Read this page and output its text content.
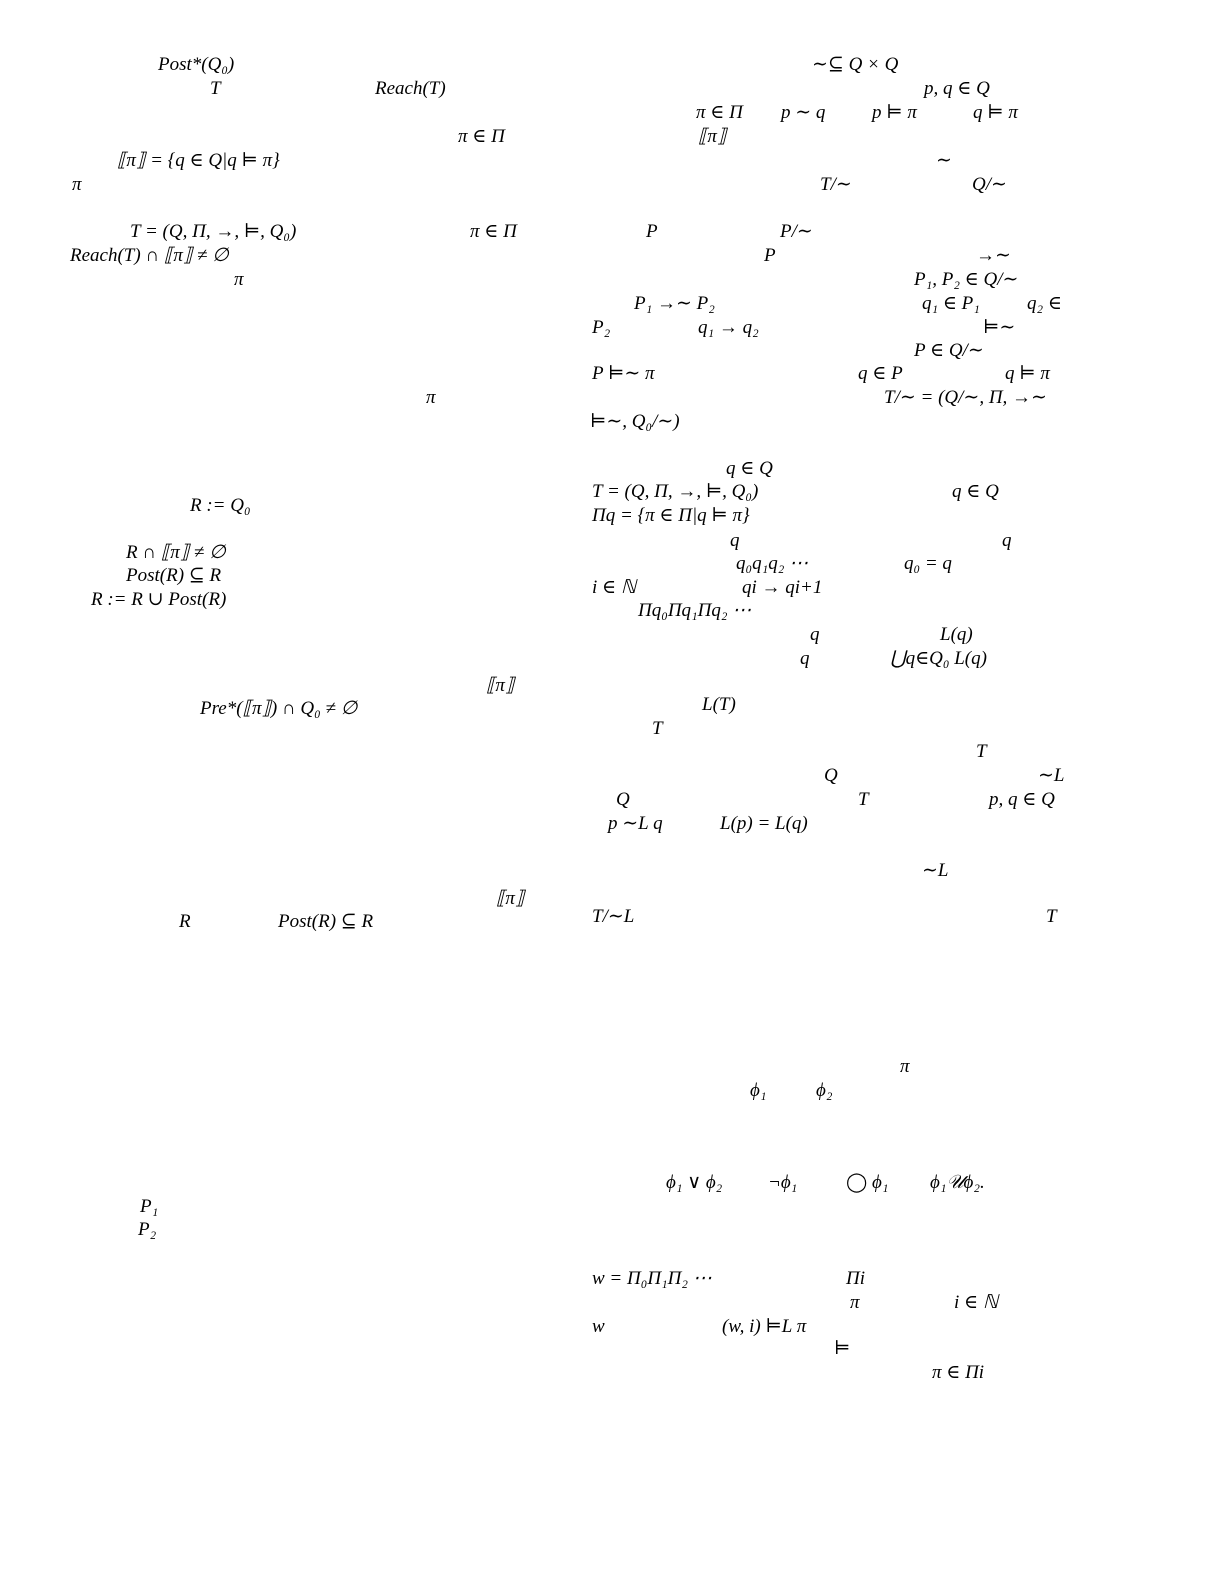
Post*(Q₀)
T	Reach(T)
π ∈ Π
⟦π⟧ = {q ∈ Q|q ⊨ π}
π
T = (Q, Π, →, ⊨, Q₀)	π ∈ Π
Reach(T) ∩ ⟦π⟧ ≠ ∅
π
π
R := Q₀
R ∩ ⟦π⟧ ≠ ∅
Post(R) ⊆ R
R := R ∪ Post(R)
⟦π⟧
Pre*(⟦π⟧) ∩ Q₀ ≠ ∅
⟦π⟧
R	Post(R) ⊆ R
P₁
P₂
∼⊆ Q × Q
p, q ∈ Q
π ∈ Π p ∼ q p ⊨ π	q ⊨ π
⟦π⟧
∼
T/∼	Q/∼
P	P/∼
P	→∼
P₁, P₂ ∈ Q/∼
P₁ →∼ P₂	q₁ ∈ P₁ q₂ ∈
P₂	q₁ → q₂	⊨∼
P ∈ Q/∼
P ⊨∼ π	q ∈ P	q ⊨ π
T/∼ = (Q/∼, Π, →∼
⊨∼, Q₀/∼)
q ∈ Q
T = (Q, Π, →, ⊨, Q₀)	q ∈ Q
Πq = {π ∈ Π|q ⊨ π}
q	q
q₀q₁q₂ ⋯	q₀ = q
i ∈ ℕ	qi → qi+1
Πq₀Πq₁Πq₂ ⋯
q	L(q)
q	⋃q∈Q₀ L(q)
L(T)
T
T
Q	∼L
Q	T	p, q ∈ Q
p ∼L q	L(p) = L(q)
∼L
T/∼L	T
π
ϕ₁	ϕ₂
ϕ₁ ∨ ϕ₂ ¬ϕ₁	◯ ϕ₁ ϕ₁𝒰ϕ₂.
w = Π₀Π₁Π₂ ⋯	Πi
π	i ∈ ℕ
w	(w, i) ⊨L π
⊨
π ∈ Πi
